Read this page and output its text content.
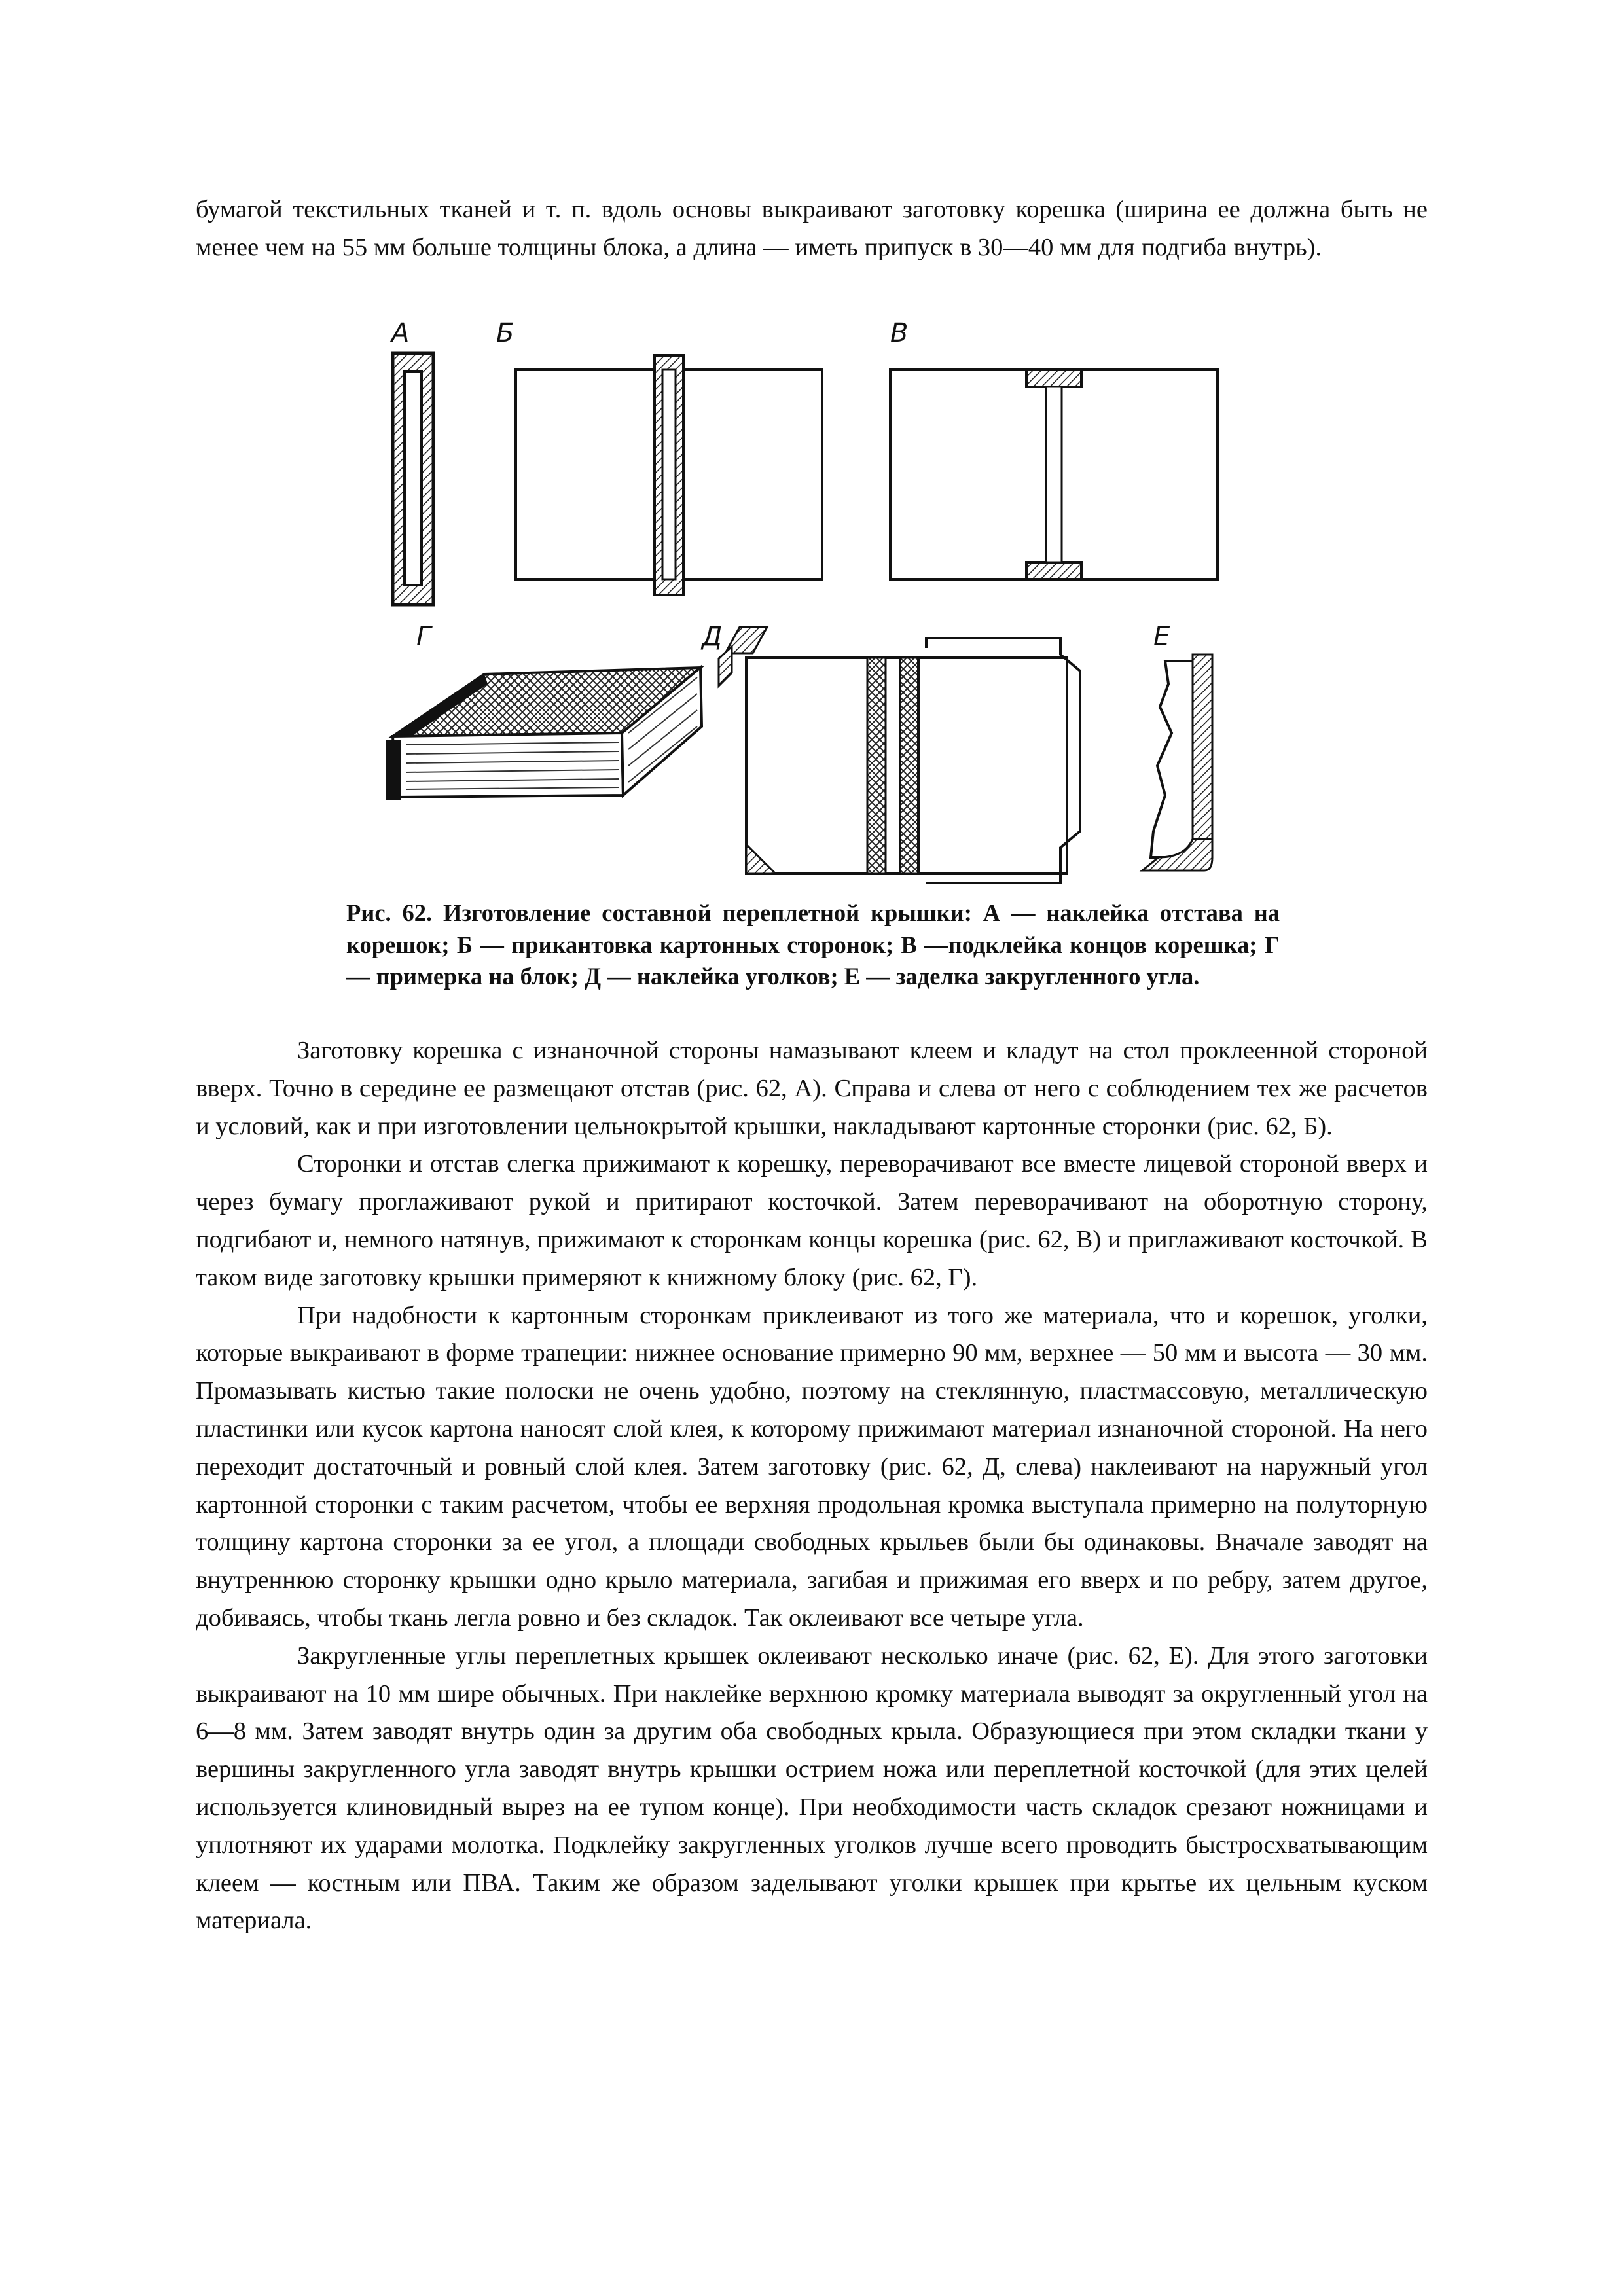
бумагой текстильных тканей и т. п. вдоль основы выкраивают заготовку корешка (ширина ее должна быть не менее чем на 55 мм больше толщины блока, а длина — иметь припуск в 30—40 мм для подгиба внутрь).

А	Б	В
Г	Д	Е

Рис. 62. Изготовление составной переплетной крышки: А — наклейка отстава на корешок; Б — прикантовка картонных сторонок; В —подклейка концов корешка; Г — примерка на блок; Д — наклейка уголков; Е — заделка закругленного угла.

Заготовку корешка с изнаночной стороны намазывают клеем и кладут на стол проклеенной стороной вверх. Точно в середине ее размещают отстав (рис. 62, А). Справа и слева от него с соблюдением тех же расчетов и условий, как и при изготовлении цельнокрытой крышки, накладывают картонные сторонки (рис. 62, Б).

Сторонки и отстав слегка прижимают к корешку, переворачивают все вместе лицевой стороной вверх и через бумагу проглаживают рукой и притирают косточкой. Затем переворачивают на оборотную сторону, подгибают и, немного натянув, прижимают к сторонкам концы корешка (рис. 62, В) и приглаживают косточкой. В таком виде заготовку крышки примеряют к книжному блоку (рис. 62, Г).

При надобности к картонным сторонкам приклеивают из того же материала, что и корешок, уголки, которые выкраивают в форме трапеции: нижнее основание примерно 90 мм, верхнее — 50 мм и высота — 30 мм. Промазывать кистью такие полоски не очень удобно, поэтому на стеклянную, пластмассовую, металлическую пластинки или кусок картона наносят слой клея, к которому прижимают материал изнаночной стороной. На него переходит достаточный и ровный слой клея. Затем заготовку (рис. 62, Д, слева) наклеивают на наружный угол картонной сторонки с таким расчетом, чтобы ее верхняя продольная кромка выступала примерно на полуторную толщину картона сторонки за ее угол, а площади свободных крыльев были бы одинаковы. Вначале заводят на внутреннюю сторонку крышки одно крыло материала, загибая и прижимая его вверх и по ребру, затем другое, добиваясь, чтобы ткань легла ровно и без складок. Так оклеивают все четыре угла.

Закругленные углы переплетных крышек оклеивают несколько иначе (рис. 62, Е). Для этого заготовки выкраивают на 10 мм шире обычных. При наклейке верхнюю кромку материала выводят за округленный угол на 6—8 мм. Затем заводят внутрь один за другим оба свободных крыла. Образующиеся при этом складки ткани у вершины закругленного угла заводят внутрь крышки острием ножа или переплетной косточкой (для этих целей используется клиновидный вырез на ее тупом конце). При необходимости часть складок срезают ножницами и уплотняют их ударами молотка. Подклейку закругленных уголков лучше всего проводить быстросхватывающим клеем — костным или ПВА. Таким же образом заделывают уголки крышек при крытье их цельным куском материала.
